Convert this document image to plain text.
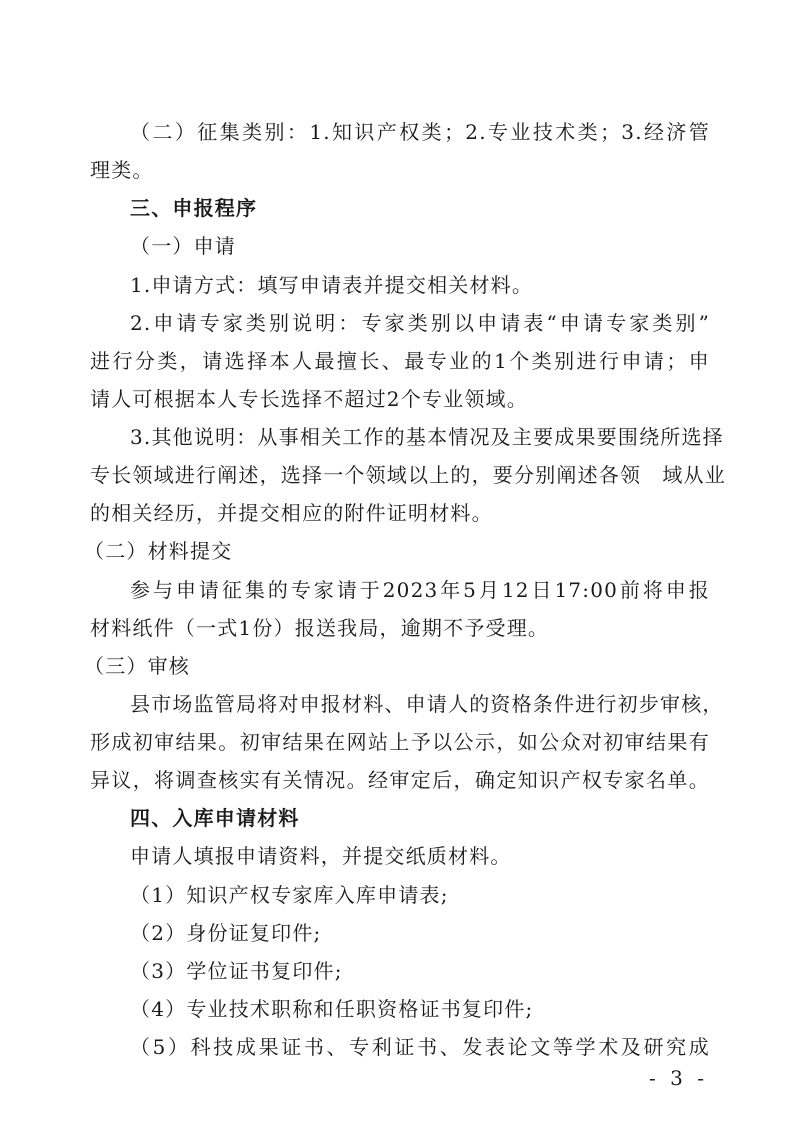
（二）征集类别：1.知识产权类；2.专业技术类；3.经济管
理类。
三、申报程序
（一）申请
1.申请方式：填写申请表并提交相关材料。
2.申请专家类别说明：专家类别以申请表“申请专家类别”
进行分类，请选择本人最擅长、最专业的1个类别进行申请；申
请人可根据本人专长选择不超过2个专业领域。
3.其他说明：从事相关工作的基本情况及主要成果要围绕所选择
专长领域进行阐述，选择一个领域以上的，要分别阐述各领　域从业
的相关经历，并提交相应的附件证明材料。
（二）材料提交
参与申请征集的专家请于2023年5月12日17:00前将申报
材料纸件（一式1份）报送我局，逾期不予受理。
（三）审核
县市场监管局将对申报材料、申请人的资格条件进行初步审核，
形成初审结果。初审结果在网站上予以公示，如公众对初审结果有
异议，将调查核实有关情况。经审定后，确定知识产权专家名单。
四、入库申请材料
申请人填报申请资料，并提交纸质材料。
（1）知识产权专家库入库申请表;
（2）身份证复印件;
（3）学位证书复印件;
（4）专业技术职称和任职资格证书复印件;
（5）科技成果证书、专利证书、发表论文等学术及研究成
- 3 -
